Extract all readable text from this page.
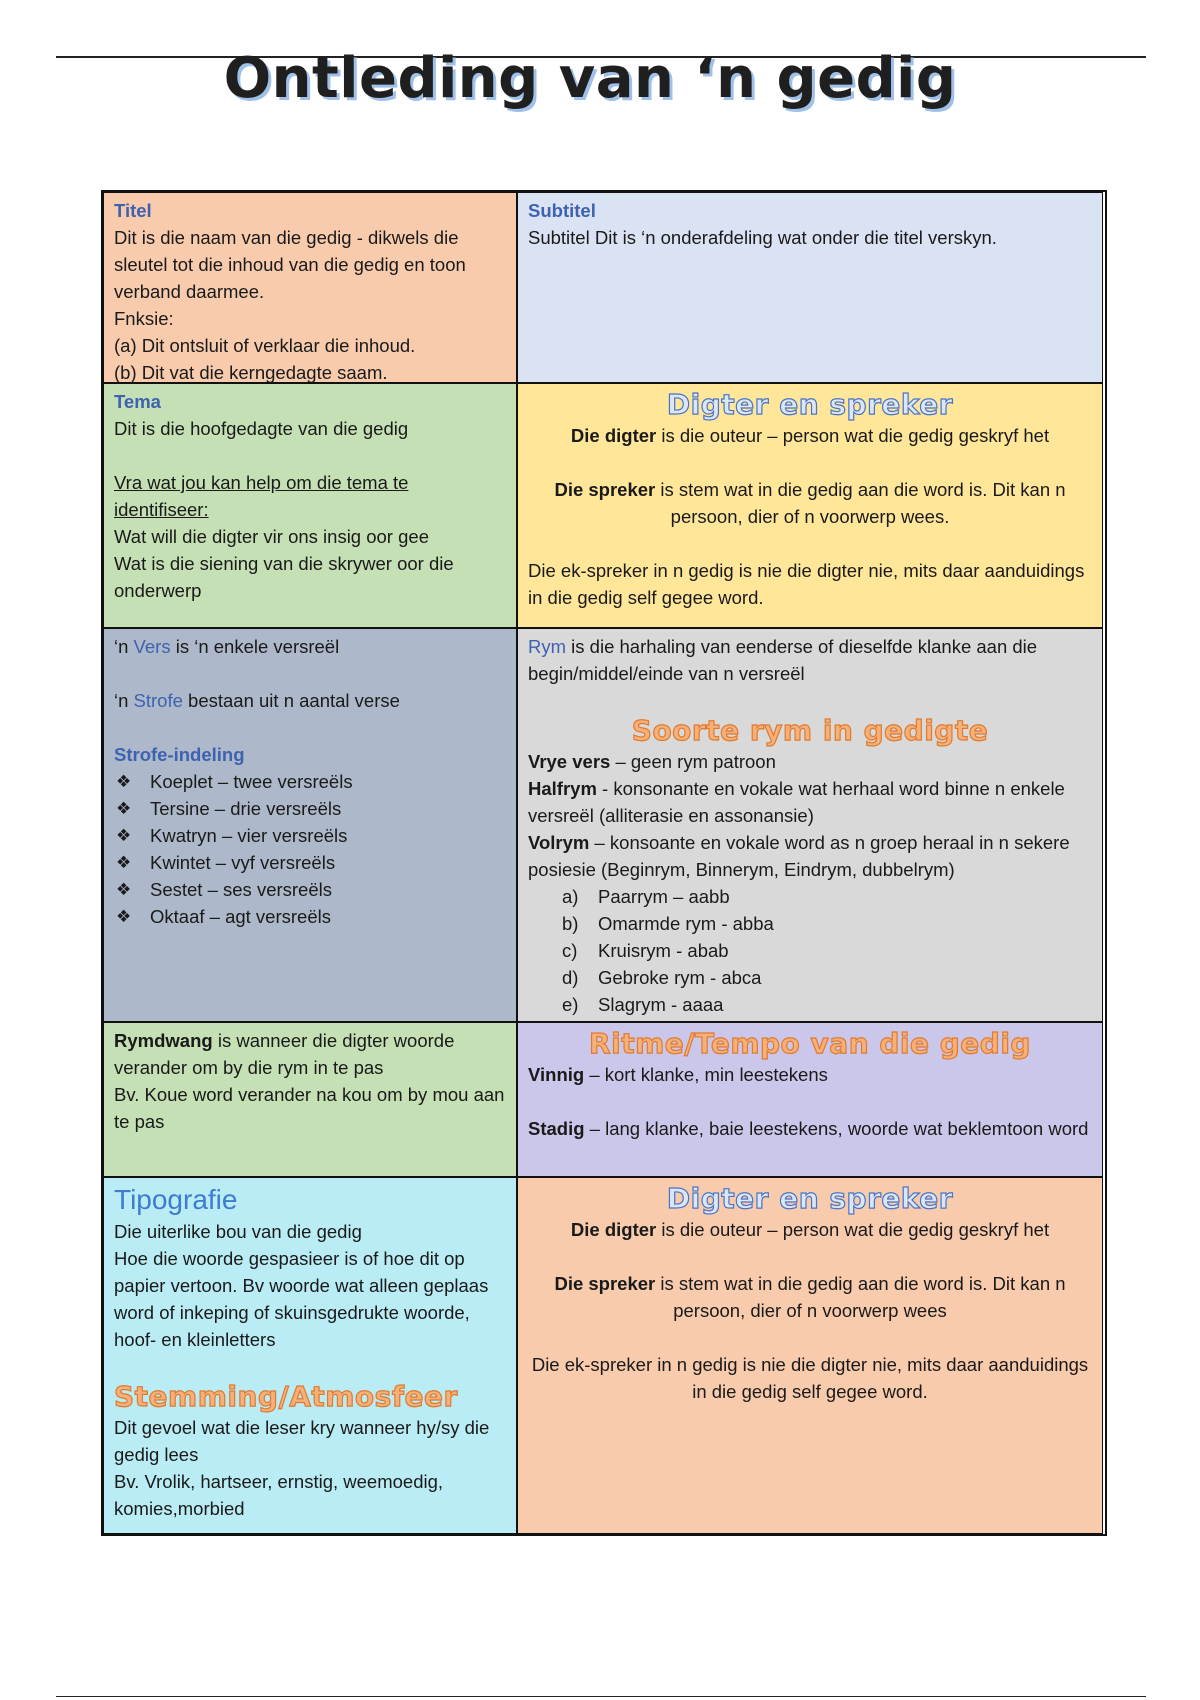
Ontleding van ‘n gedig

Titel

Dit is die naam van die gedig - dikwels die sleutel tot die inhoud van die gedig en toon verband daarmee.

Fnksie:

(a) Dit ontsluit of verklaar die inhoud.

(b) Dit vat die kerngedagte saam.

Subtitel

Subtitel Dit is ‘n onderafdeling wat onder die titel verskyn.

Tema

Dit is die hoofgedagte van die gedig

Vra wat jou kan help om die tema te identifiseer:

Wat will die digter vir ons insig oor gee

Wat is die siening van die skrywer oor die onderwerp

Digter en spreker

Die digter is die outeur – person wat die gedig geskryf het

Die spreker is stem wat in die gedig aan die word is. Dit kan n persoon, dier of n voorwerp wees.

Die ek-spreker in n gedig is nie die digter nie, mits daar aanduidings in die gedig self gegee word.

‘n Vers is ‘n enkele versreël

‘n Strofe bestaan uit n aantal verse

Strofe-indeling

❖ Koeplet – twee versreëls
❖ Tersine – drie versreëls
❖ Kwatryn – vier versreëls
❖ Kwintet – vyf versreëls
❖ Sestet – ses versreëls
❖ Oktaaf – agt versreëls

Rym is die harhaling van eenderse of dieselfde klanke aan die begin/middel/einde van n versreël

Soorte rym in gedigte

Vrye vers – geen rym patroon

Halfrym - konsonante en vokale wat herhaal word binne n enkele versreël (alliterasie en assonansie)

Volrym – konsoante en vokale word as n groep heraal in n sekere posiesie (Beginrym, Binnerym, Eindrym, dubbelrym)

a) Paarrym – aabb
b) Omarmde rym - abba
c) Kruisrym - abab
d) Gebroke rym - abca
e) Slagrym - aaaa

Rymdwang is wanneer die digter woorde verander om by die rym in te pas

Bv. Koue word verander na kou om by mou aan te pas

Ritme/Tempo van die gedig

Vinnig – kort klanke, min leestekens

Stadig – lang klanke, baie leestekens, woorde wat beklemtoon word

Tipografie

Die uiterlike bou van die gedig

Hoe die woorde gespasieer is of hoe dit op papier vertoon. Bv woorde wat alleen geplaas word of inkeping of skuinsgedrukte woorde, hoof- en kleinletters

Stemming/Atmosfeer

Dit gevoel wat die leser kry wanneer hy/sy die gedig lees

Bv. Vrolik, hartseer, ernstig, weemoedig, komies,morbied

Digter en spreker

Die digter is die outeur – person wat die gedig geskryf het

Die spreker is stem wat in die gedig aan die word is. Dit kan n persoon, dier of n voorwerp wees

Die ek-spreker in n gedig is nie die digter nie, mits daar aanduidings in die gedig self gegee word.
